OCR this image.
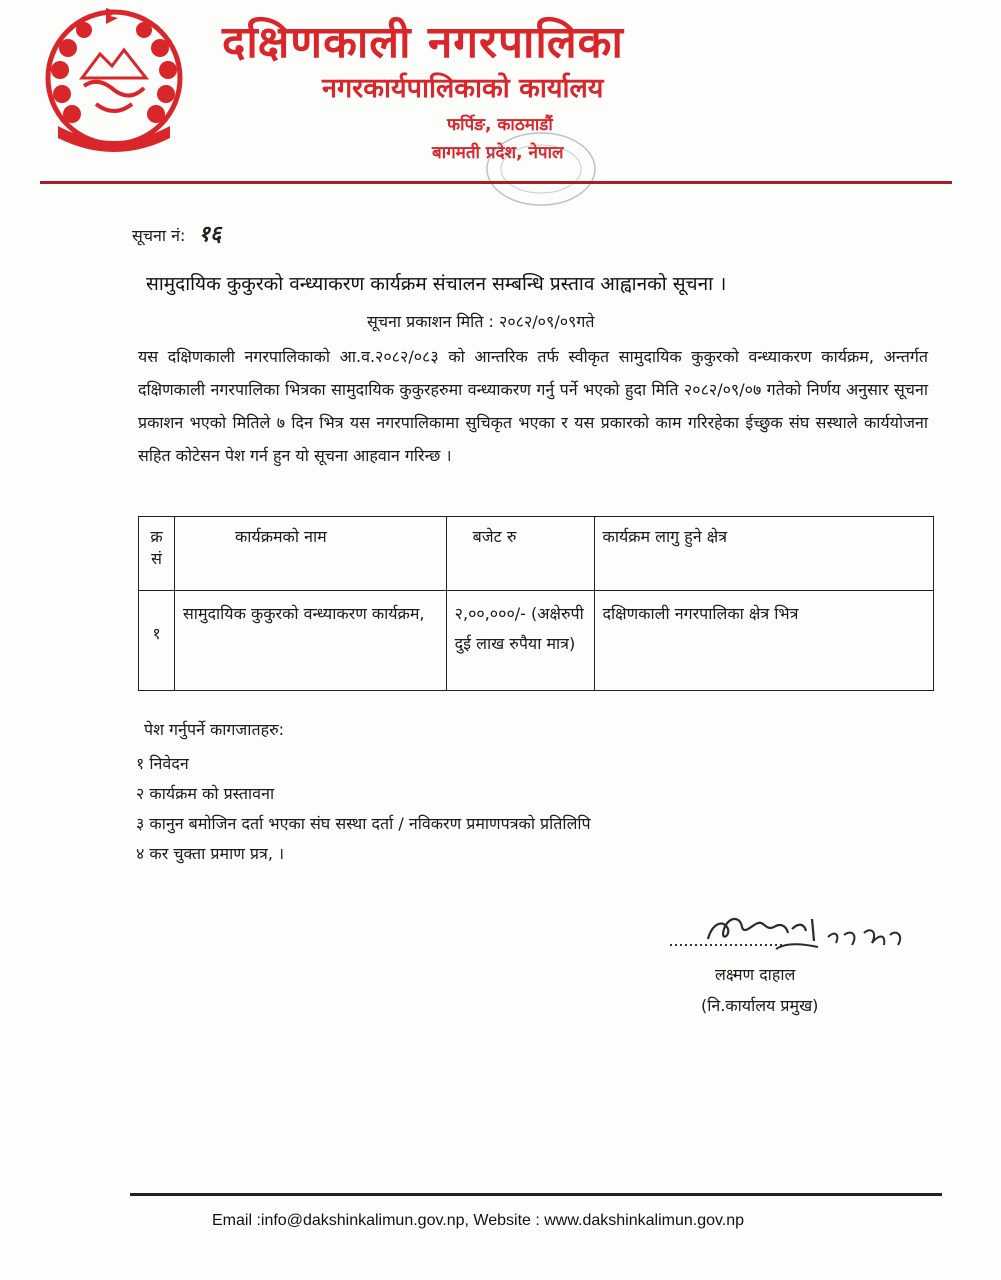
दक्षिणकाली नगरपालिका
नगरकार्यपालिकाको कार्यालय
फर्पिङ, काठमाडौं
बागमती प्रदेश, नेपाल
सूचना नं: १६
सामुदायिक कुकुरको वन्ध्याकरण कार्यक्रम संचालन सम्बन्धि प्रस्ताव आह्वानको सूचना ।
सूचना प्रकाशन मिति : २०८२/०९/०९गते
यस दक्षिणकाली नगरपालिकाको आ.व.२०८२/०८३ को आन्तरिक तर्फ स्वीकृत सामुदायिक कुकुरको वन्ध्याकरण कार्यक्रम, अन्तर्गत दक्षिणकाली नगरपालिका भित्रका सामुदायिक कुकुरहरुमा वन्ध्याकरण गर्नु पर्ने भएको हुदा मिति २०८२/०९/०७ गतेको निर्णय अनुसार सूचना प्रकाशन भएको मितिले ७ दिन भित्र यस नगरपालिकामा सुचिकृत भएका र यस प्रकारको काम गरिरहेका ईच्छुक संघ सस्थाले कार्ययोजना सहित कोटेसन पेश गर्न हुन यो सूचना आहवान गरिन्छ ।
क्र सं	कार्यक्रमको नाम	बजेट रु	कार्यक्रम लागु हुने क्षेत्र
१	सामुदायिक कुकुरको वन्ध्याकरण कार्यक्रम,	२,००,०००/- (अक्षेरुपी दुई लाख रुपैया मात्र)	दक्षिणकाली नगरपालिका क्षेत्र भित्र
पेश गर्नुपर्ने कागजातहरु:
१ निवेदन
२ कार्यक्रम को प्रस्तावना
३ कानुन बमोजिन दर्ता भएका संघ सस्था दर्ता / नविकरण प्रमाणपत्रको प्रतिलिपि
४ कर चुक्ता प्रमाण प्रत्र, ।
लक्ष्मण दाहाल
(नि.कार्यालय प्रमुख)
Email :info@dakshinkalimun.gov.np, Website : www.dakshinkalimun.gov.np
